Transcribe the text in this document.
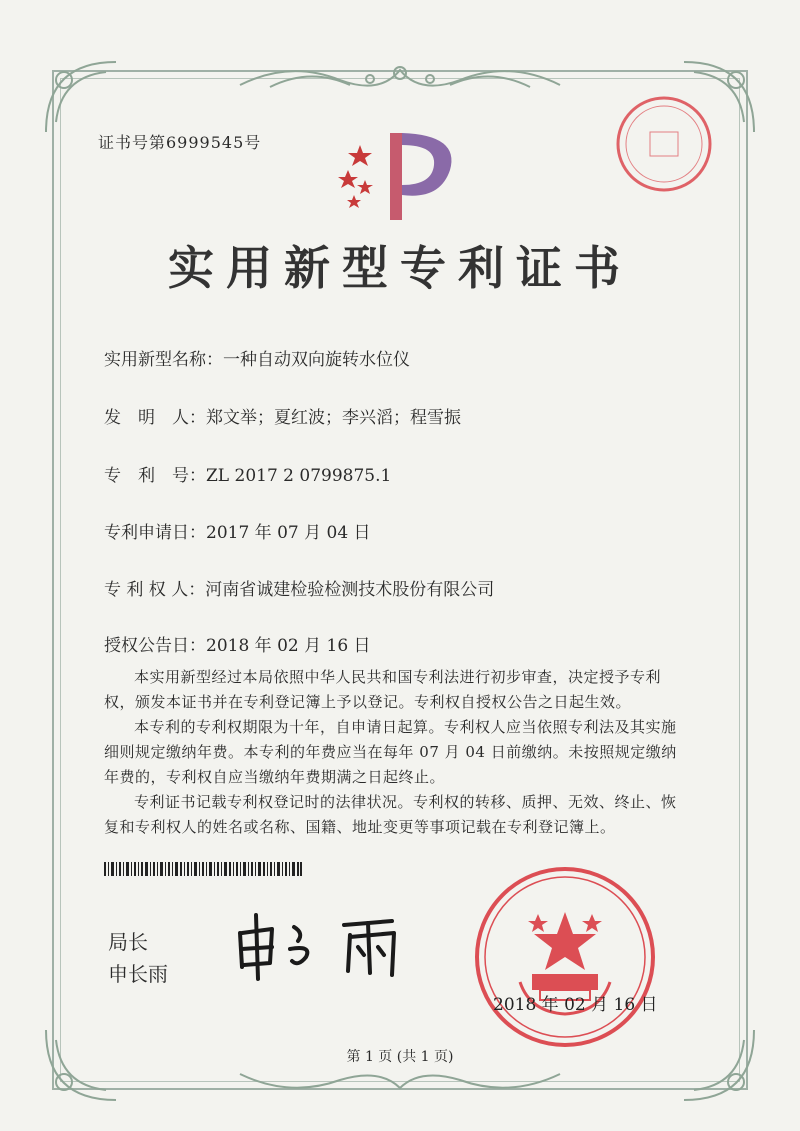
证书号第6999545号
实用新型专利证书
实用新型名称：一种自动双向旋转水位仪
发　明　人：郑文举；夏红波；李兴滔；程雪振
专　利　号：ZL 2017 2 0799875.1
专利申请日：2017 年 07 月 04 日
专 利 权 人：河南省诚建检验检测技术股份有限公司
授权公告日：2018 年 02 月 16 日

本实用新型经过本局依照中华人民共和国专利法进行初步审查，决定授予专利权，颁发本证书并在专利登记簿上予以登记。专利权自授权公告之日起生效。

本专利的专利权期限为十年，自申请日起算。专利权人应当依照专利法及其实施细则规定缴纳年费。本专利的年费应当在每年 07 月 04 日前缴纳。未按照规定缴纳年费的，专利权自应当缴纳年费期满之日起终止。

专利证书记载专利权登记时的法律状况。专利权的转移、质押、无效、终止、恢复和专利权人的姓名或名称、国籍、地址变更等事项记载在专利登记簿上。

局长
申长雨
2018 年 02 月 16 日
第 1 页 (共 1 页)
